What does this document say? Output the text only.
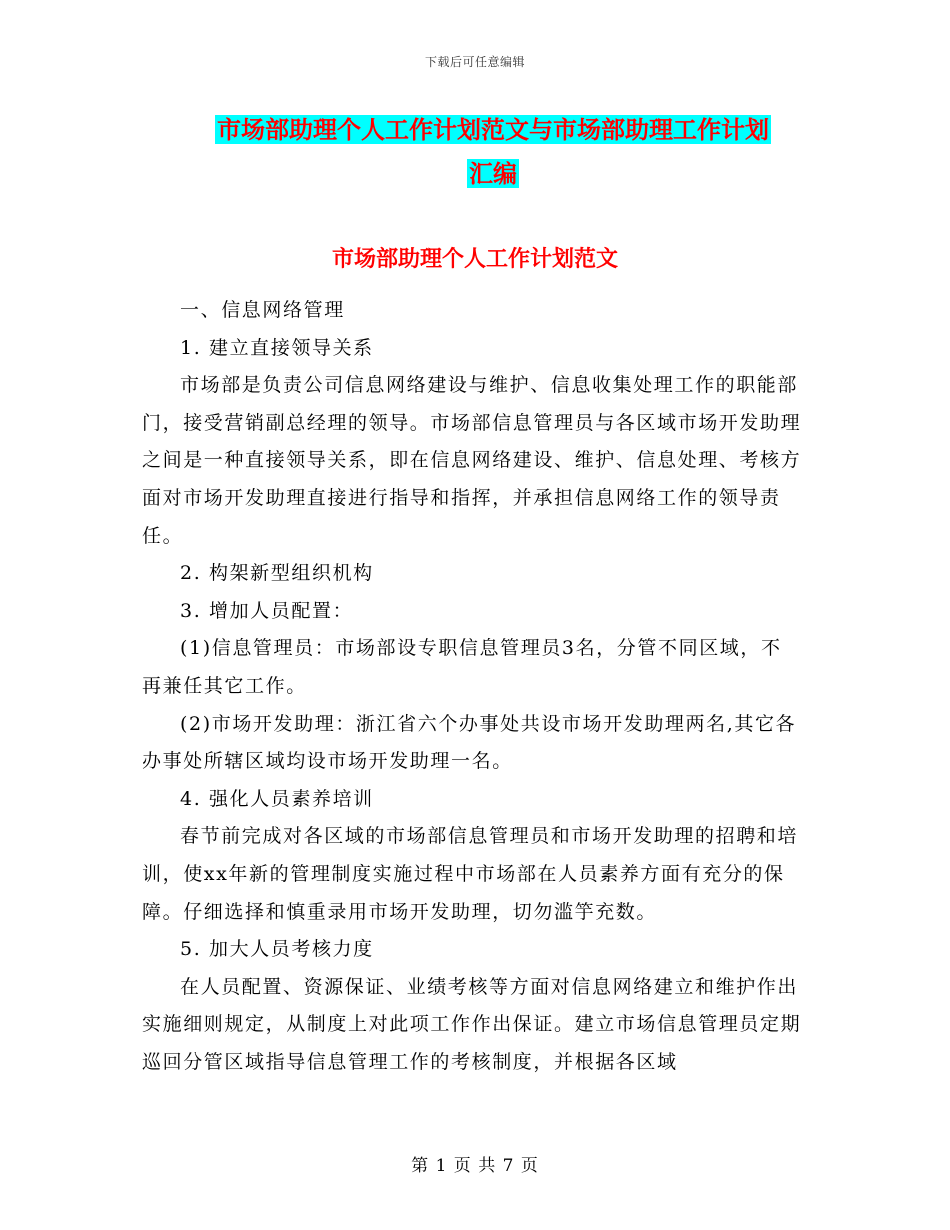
下载后可任意编辑
市场部助理个人工作计划范文与市场部助理工作计划
汇编
市场部助理个人工作计划范文

一、信息网络管理

1. 建立直接领导关系

市场部是负责公司信息网络建设与维护、信息收集处理工作的职能部门，接受营销副总经理的领导。市场部信息管理员与各区域市场开发助理之间是一种直接领导关系，即在信息网络建设、维护、信息处理、考核方面对市场开发助理直接进行指导和指挥，并承担信息网络工作的领导责任。

2. 构架新型组织机构

3. 增加人员配置：

(1)信息管理员：市场部设专职信息管理员3名，分管不同区域，不再兼任其它工作。

(2)市场开发助理：浙江省六个办事处共设市场开发助理两名,其它各办事处所辖区域均设市场开发助理一名。

4. 强化人员素养培训

春节前完成对各区域的市场部信息管理员和市场开发助理的招聘和培训，使xx年新的管理制度实施过程中市场部在人员素养方面有充分的保障。仔细选择和慎重录用市场开发助理，切勿滥竽充数。

5. 加大人员考核力度

在人员配置、资源保证、业绩考核等方面对信息网络建立和维护作出实施细则规定，从制度上对此项工作作出保证。建立市场信息管理员定期巡回分管区域指导信息管理工作的考核制度，并根据各区域

第 1 页 共 7 页
